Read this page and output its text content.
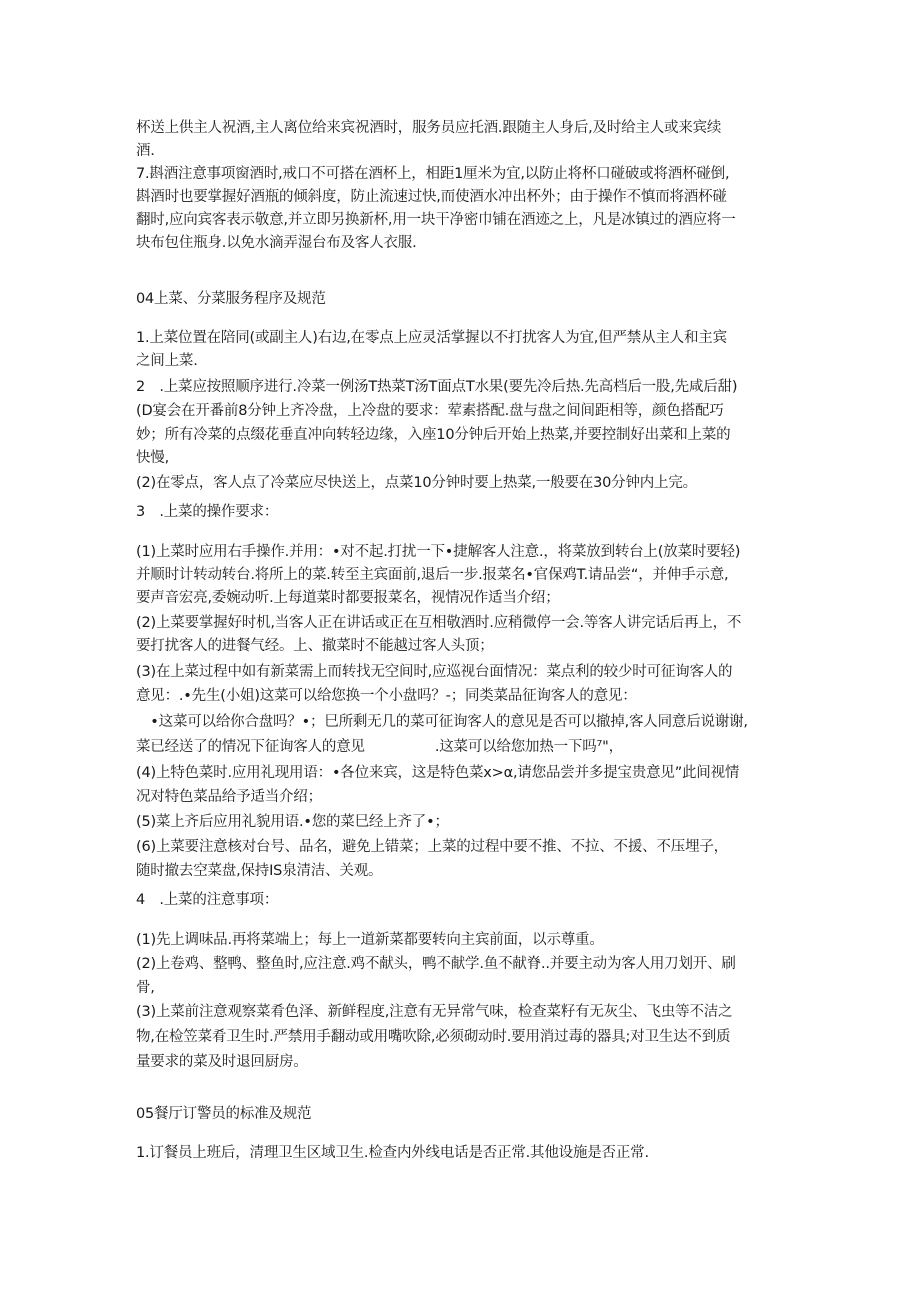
杯送上供主人祝酒,主人离位给来宾祝酒时，服务员应托酒.跟随主人身后,及时给主人或来宾续
酒.
7.斟酒注意事项窗酒时,戒口不可搭在酒杯上，相距1厘米为宜,以防止将杯口碰破或将酒杯碰倒,
斟酒时也要掌握好酒瓶的倾斜度，防止流速过快,而使酒水冲出杯外；由于操作不慎而将酒杯碰
翻时,应向宾客表示敬意,并立即另换新杯,用一块干净密巾铺在酒迹之上，凡是冰镇过的酒应将一
块布包住瓶身.以免水滴弄湿台布及客人衣服.
04上菜、分菜服务程序及规范
1.上菜位置在陪同(或副主人)右边,在零点上应灵活掌握以不打扰客人为宜,但严禁从主人和主宾
之间上菜.
2　.上菜应按照顺序进行.冷菜一例汤T热菜T汤T面点T水果(要先冷后热.先高档后一股,先咸后甜)
(D宴会在开番前8分钟上齐冷盘，上冷盘的要求：荤素搭配.盘与盘之间间距相等，颜色搭配巧
妙；所有冷菜的点缀花垂直冲向转轻边缘，入座10分钟后开始上热菜,并要控制好出菜和上菜的
快慢,
(2)在零点，客人点了冷菜应尽快送上，点菜10分钟时要上热菜,一般要在30分钟内上完。
3　.上菜的操作要求：
(1)上菜时应用右手操作.并用：•对不起.打扰一下•捷解客人注意.，将菜放到转台上(放菜时要轻)
并顺时计转动转台.将所上的菜.转至主宾面前,退后一步.报菜名•官保鸡T.请品尝“，并伸手示意,
要声音宏亮,委婉动听.上每道菜时都要报菜名，视情况作适当介绍；
(2)上菜要掌握好时机,当客人正在讲话或正在互相敬酒时.应稍微停一会.等客人讲完话后再上，不
要打扰客人的进餐气经。上、撤菜时不能越过客人头顶；
(3)在上菜过程中如有新菜需上而转找无空间时,应巡视台面情况：菜点利的较少时可征询客人的
意见：.•先生(小姐)这菜可以给您换一个小盘吗？-；同类菜品征询客人的意见：
　•这菜可以给你合盘吗？•；巳所剩无几的菜可征询客人的意见是否可以撤掉,客人同意后说谢谢,
菜已经送了的情况下征询客人的意见	.这菜可以给您加热一下吗⁷"，
(4)上特色菜时.应用礼现用语：•各位来宾，这是特色菜x>α,请您品尝并多提宝贵意见”此间视情
况对特色菜品给予适当介绍；
(5)菜上齐后应用礼貌用语.•您的菜巳经上齐了•；
(6)上菜要注意核对台号、品名，避免上错菜；上菜的过程中要不推、不拉、不援、不压埋子，
随时撤去空菜盘,保持IS泉清洁、关观。
4　.上菜的注意事项：
(1)先上调味品.再将菜端上；每上一道新菜都要转向主宾前面，以示尊重。
(2)上卷鸡、整鸭、整鱼时,应注意.鸡不献头，鸭不献学.鱼不献脊..并要主动为客人用刀划开、刷
骨,
(3)上菜前注意观察菜肴色泽、新鲜程度,注意有无异常气味，检查菜籽有无灰尘、飞虫等不洁之
物,在检笠菜肴卫生时.严禁用手翻动或用嘴吹除,必须砌动时.要用消过毒的器具;对卫生达不到质
量要求的菜及时退回厨房。
05餐厅订警员的标准及规范
1.订餐员上班后，清理卫生区域卫生.检查内外线电话是否正常.其他设施是否正常.
